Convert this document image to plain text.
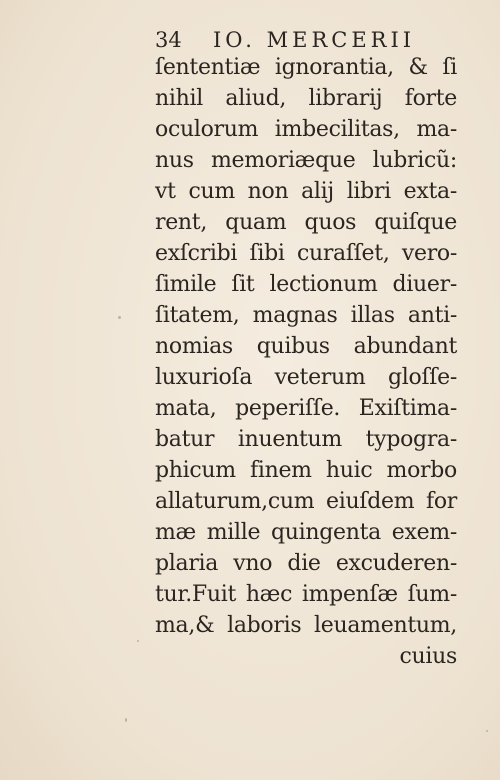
34 IO. MERCERII
ſententiæ ignorantia, & ſi
nihil aliud, librarij forte
oculorum imbecilitas, ma-
nus memoriæque lubricũ:
vt cum non alij libri exta-
rent, quam quos quiſque
exſcribi ſibi curaſſet, vero-
ſimile ſit lectionum diuer-
ſitatem, magnas illas anti-
nomias quibus abundant
luxurioſa veterum gloſſe-
mata, peperiſſe. Exiſtima-
batur inuentum typogra-
phicum finem huic morbo
allaturum,cum eiuſdem for
mæ mille quingenta exem-
plaria vno die excuderen-
tur.Fuit hæc impenſæ ſum-
ma,& laboris leuamentum,
cuius
